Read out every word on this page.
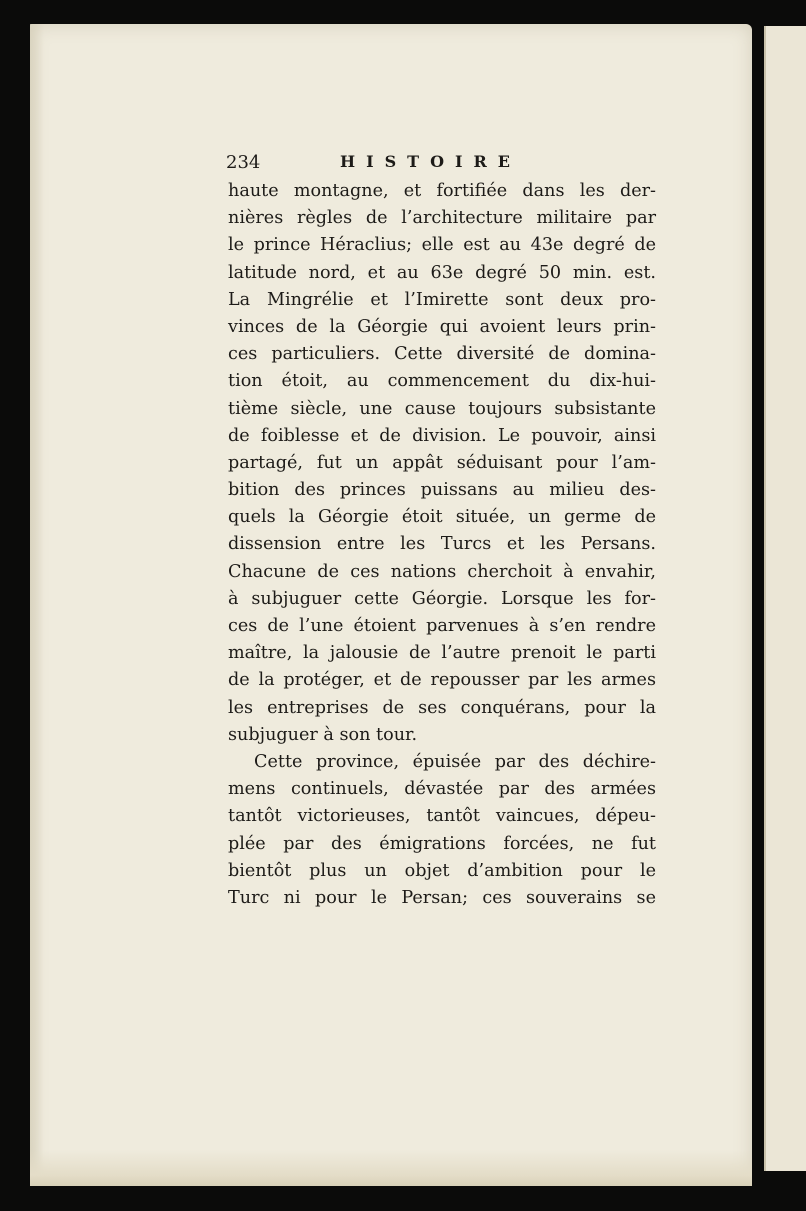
234	HISTOIRE
haute montagne, et fortifiée dans les der-
nières règles de l’architecture militaire par
le prince Héraclius; elle est au 43e degré de
latitude nord, et au 63e degré 50 min. est.
La Mingrélie et l’Imirette sont deux pro-
vinces de la Géorgie qui avoient leurs prin-
ces particuliers. Cette diversité de domina-
tion étoit, au commencement du dix-hui-
tième siècle, une cause toujours subsistante
de foiblesse et de division. Le pouvoir, ainsi
partagé, fut un appât séduisant pour l’am-
bition des princes puissans au milieu des-
quels la Géorgie étoit située, un germe de
dissension entre les Turcs et les Persans.
Chacune de ces nations cherchoit à envahir,
à subjuguer cette Géorgie. Lorsque les for-
ces de l’une étoient parvenues à s’en rendre
maître, la jalousie de l’autre prenoit le parti
de la protéger, et de repousser par les armes
les entreprises de ses conquérans, pour la
subjuguer à son tour.
Cette province, épuisée par des déchire-
mens continuels, dévastée par des armées
tantôt victorieuses, tantôt vaincues, dépeu-
plée par des émigrations forcées, ne fut
bientôt plus un objet d’ambition pour le
Turc ni pour le Persan; ces souverains se
